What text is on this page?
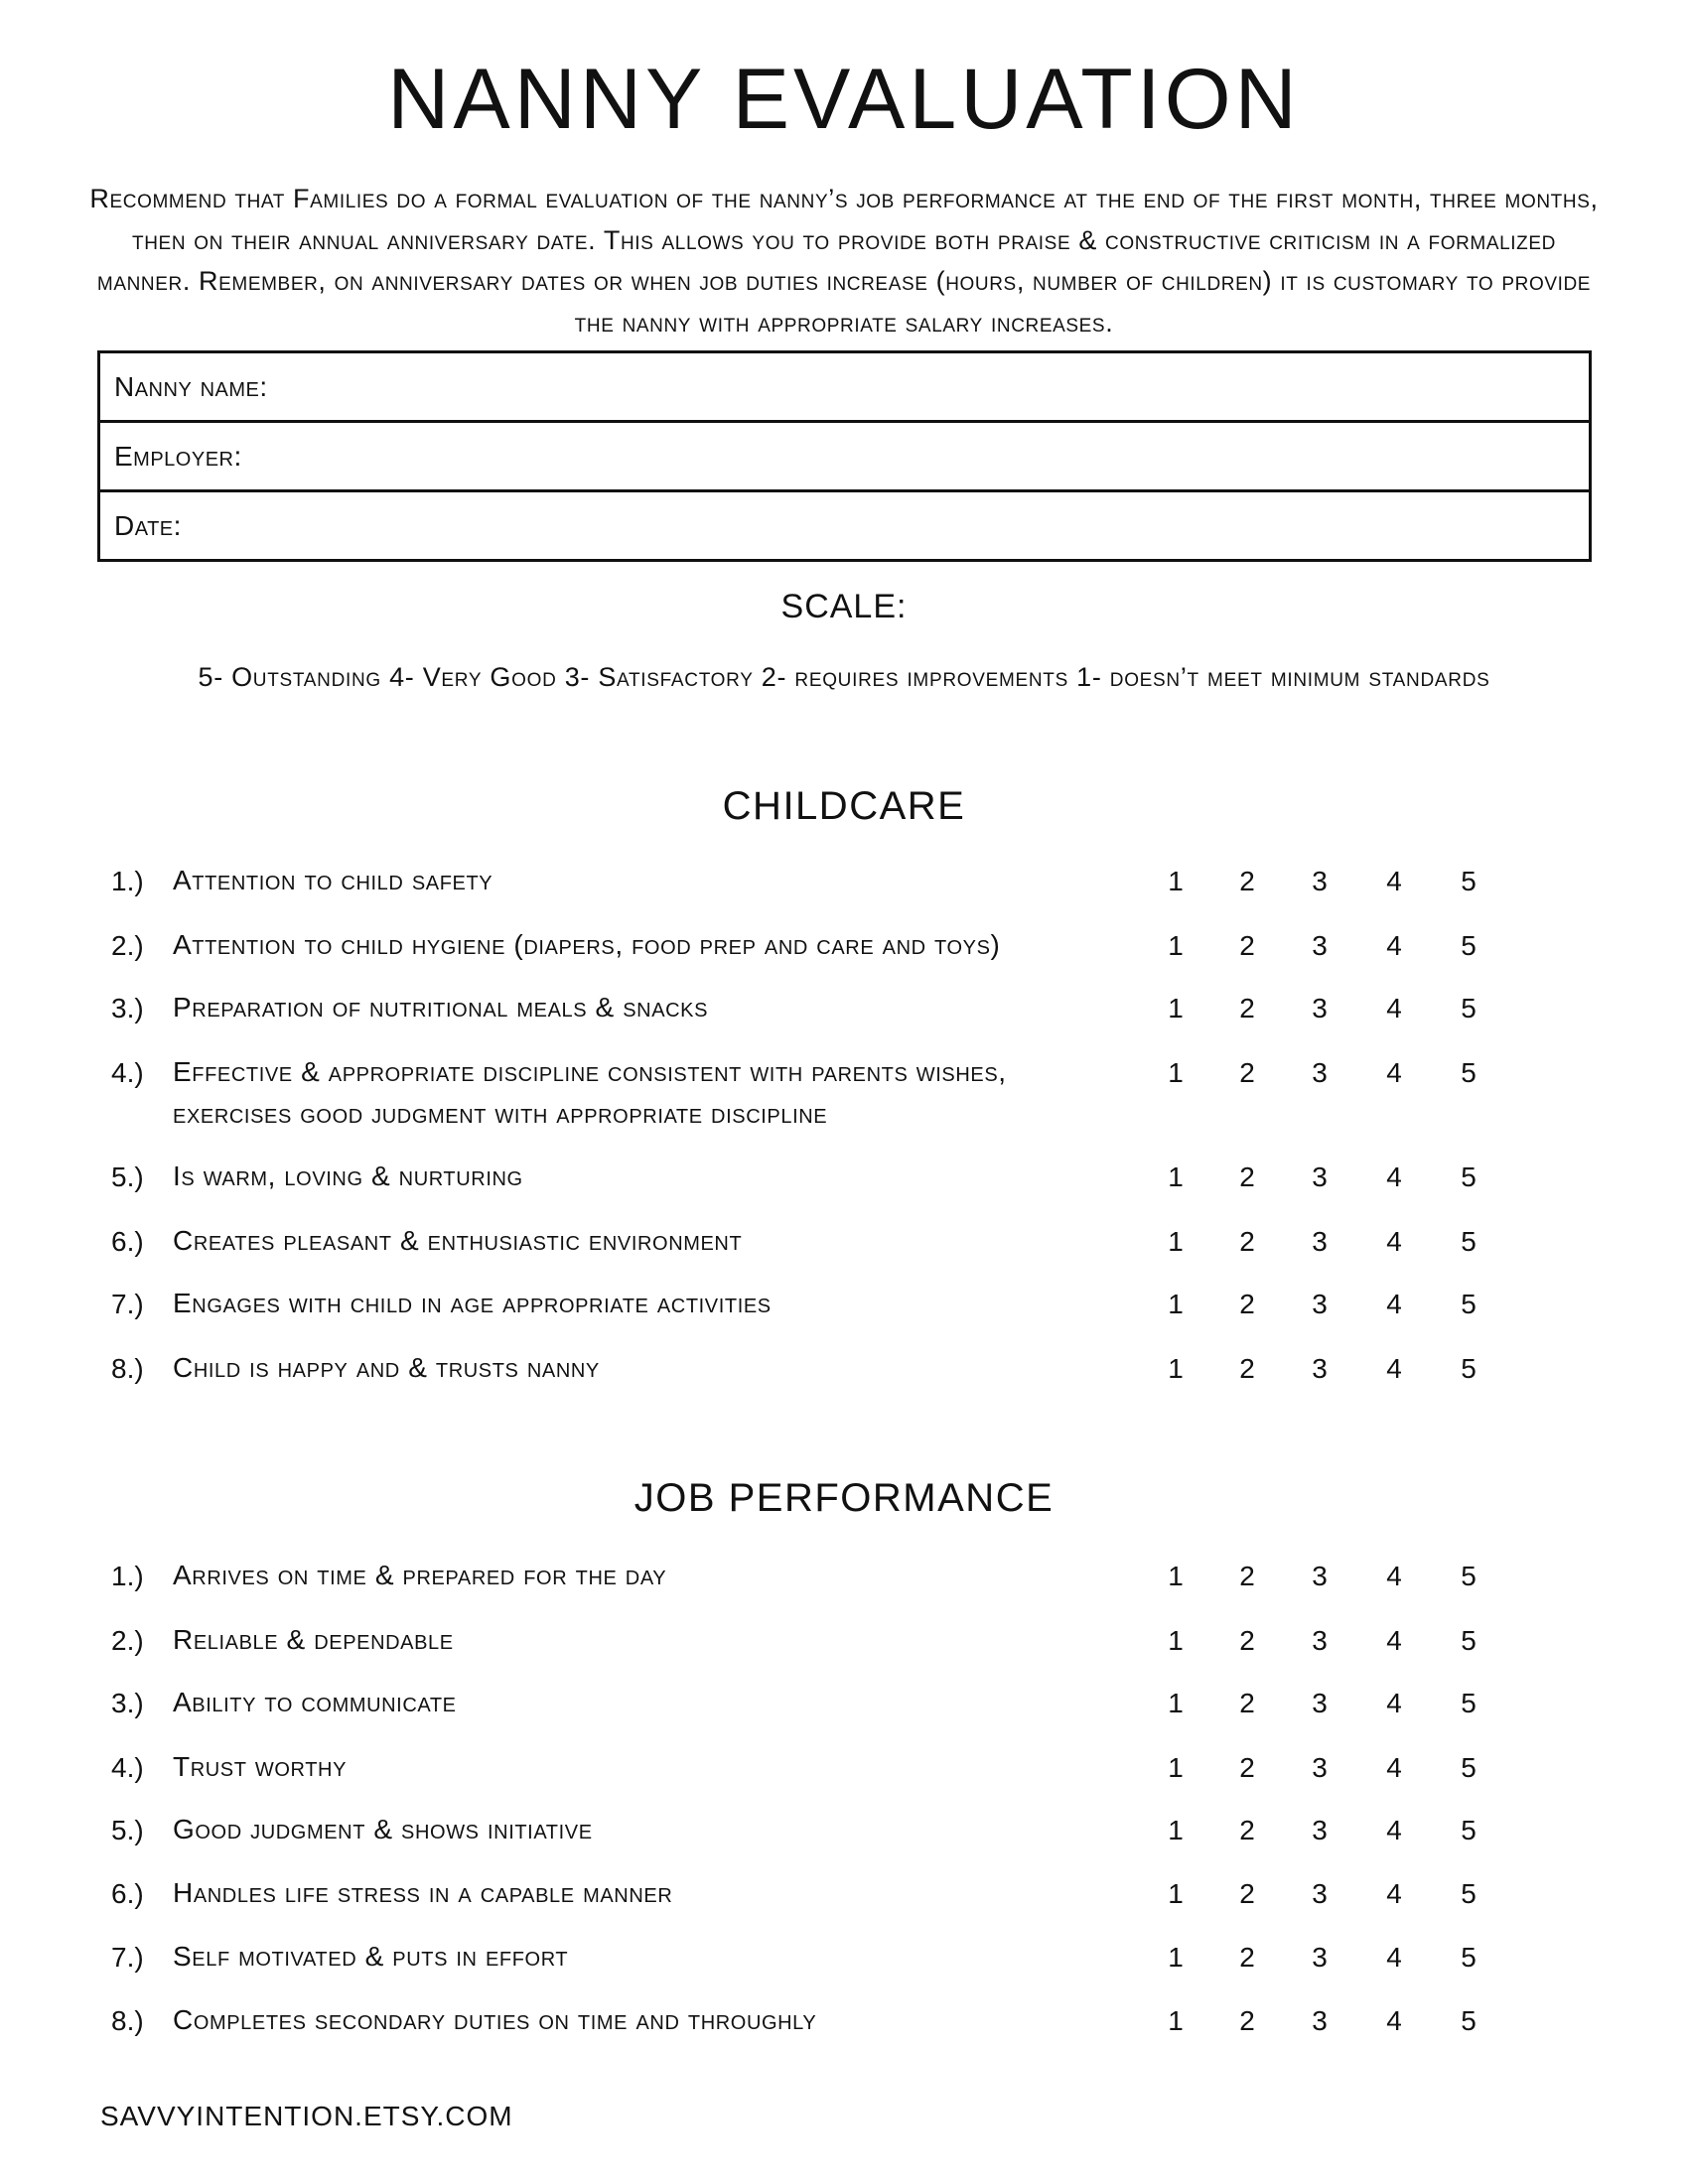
NANNY EVALUATION
Recommend that Families do a formal evaluation of the nanny’s job performance at the end of the first month, three months, then on their annual anniversary date. This allows you to provide both praise & constructive criticism in a formalized manner. Remember, on anniversary dates or when job duties increase (hours, number of children) it is customary to provide the nanny with appropriate salary increases.
Nanny name:
Employer:
Date:
SCALE:
5- Outstanding 4- Very Good 3- Satisfactory 2- requires improvements 1- doesn’t meet minimum standards
CHILDCARE
1.) Attention to child safety	1 2 3 4 5
2.) Attention to child hygiene (diapers, food prep and care and toys)	1 2 3 4 5
3.) Preparation of nutritional meals & snacks	1 2 3 4 5
4.) Effective & appropriate discipline consistent with parents wishes,
exercises good judgment with appropriate discipline
1 2 3 4 5
5.) Is warm, loving & nurturing	1 2 3 4 5
6.) Creates pleasant & enthusiastic environment	1 2 3 4 5
7.) Engages with child in age appropriate activities	1 2 3 4 5
8.) Child is happy and & trusts nanny	1 2 3 4 5
JOB PERFORMANCE
1.) Arrives on time & prepared for the day	1 2 3 4 5
2.) Reliable & dependable	1 2 3 4 5
3.) Ability to communicate	1 2 3 4 5
4.) Trust worthy	1 2 3 4 5
5.) Good judgment & shows initiative	1 2 3 4 5
6.) Handles life stress in a capable manner	1 2 3 4 5
7.) Self motivated & puts in effort	1 2 3 4 5
8.) Completes secondary duties on time and throughly	1 2 3 4 5
SAVVYINTENTION.ETSY.COM
